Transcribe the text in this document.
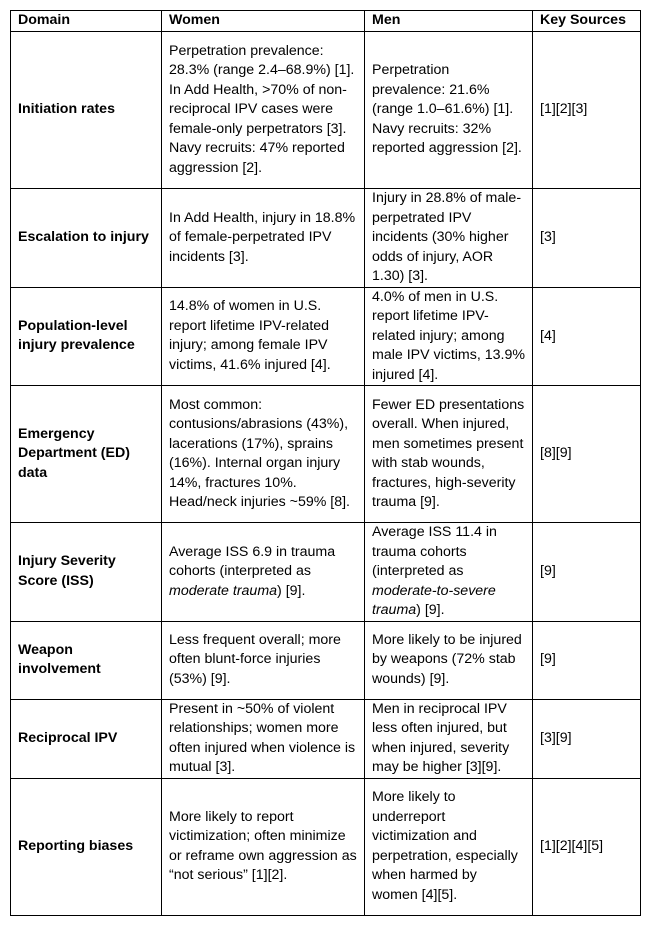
Domain	Women	Men	Key Sources
Initiation rates	Perpetration prevalence: 28.3% (range 2.4–68.9%) [1]. In Add Health, >70% of non-reciprocal IPV cases were female-only perpetrators [3]. Navy recruits: 47% reported aggression [2].	Perpetration prevalence: 21.6% (range 1.0–61.6%) [1]. Navy recruits: 32% reported aggression [2].	[1][2][3]
Escalation to injury	In Add Health, injury in 18.8% of female-perpetrated IPV incidents [3].	Injury in 28.8% of male-perpetrated IPV incidents (30% higher odds of injury, AOR 1.30) [3].	[3]
Population-level injury prevalence	14.8% of women in U.S. report lifetime IPV-related injury; among female IPV victims, 41.6% injured [4].	4.0% of men in U.S. report lifetime IPV-related injury; among male IPV victims, 13.9% injured [4].	[4]
Emergency Department (ED) data	Most common: contusions/abrasions (43%), lacerations (17%), sprains (16%). Internal organ injury 14%, fractures 10%. Head/neck injuries ~59% [8].	Fewer ED presentations overall. When injured, men sometimes present with stab wounds, fractures, high-severity trauma [9].	[8][9]
Injury Severity Score (ISS)	Average ISS 6.9 in trauma cohorts (interpreted as moderate trauma) [9].	Average ISS 11.4 in trauma cohorts (interpreted as moderate-to-severe trauma) [9].	[9]
Weapon involvement	Less frequent overall; more often blunt-force injuries (53%) [9].	More likely to be injured by weapons (72% stab wounds) [9].	[9]
Reciprocal IPV	Present in ~50% of violent relationships; women more often injured when violence is mutual [3].	Men in reciprocal IPV less often injured, but when injured, severity may be higher [3][9].	[3][9]
Reporting biases	More likely to report victimization; often minimize or reframe own aggression as “not serious” [1][2].	More likely to underreport victimization and perpetration, especially when harmed by women [4][5].	[1][2][4][5]
